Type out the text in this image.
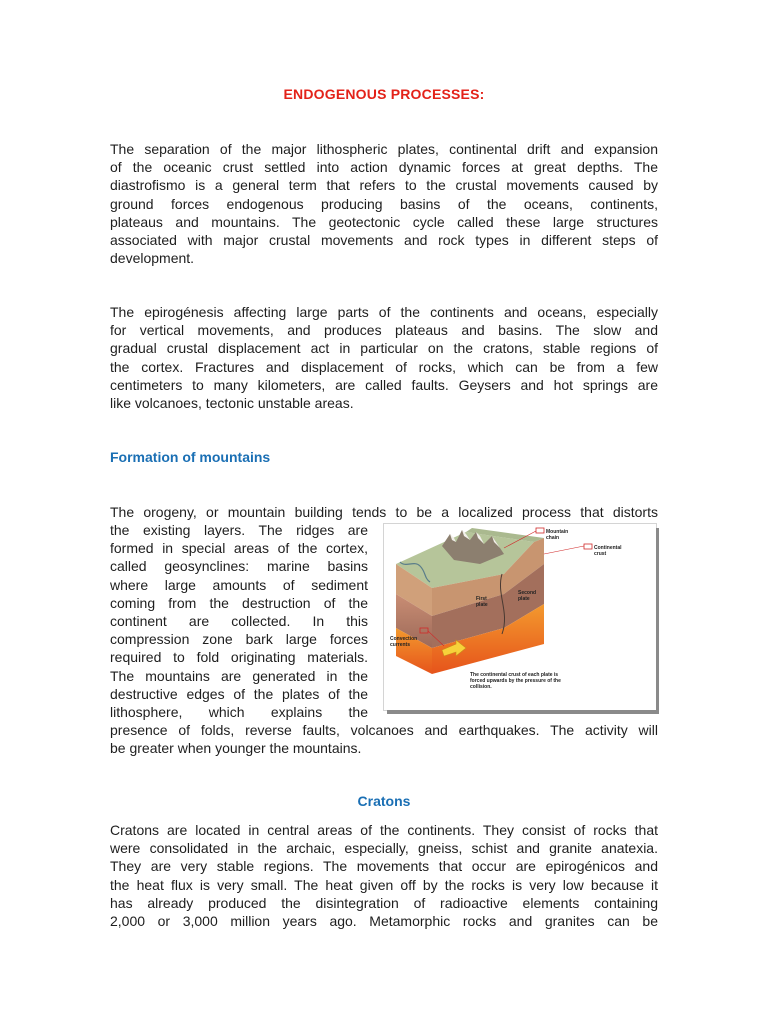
ENDOGENOUS PROCESSES:

The separation of the major lithospheric plates, continental drift and expansion
of the oceanic crust settled into action dynamic forces at great depths. The
diastrofismo is a general term that refers to the crustal movements caused by
ground forces endogenous producing basins of the oceans, continents,
plateaus and mountains. The geotectonic cycle called these large structures
associated with major crustal movements and rock types in different steps of
development.

The epirogénesis affecting large parts of the continents and oceans, especially
for vertical movements, and produces plateaus and basins. The slow and
gradual crustal displacement act in particular on the cratons, stable regions of
the cortex. Fractures and displacement of rocks, which can be from a few
centimeters to many kilometers, are called faults. Geysers and hot springs are
like volcanoes, tectonic unstable areas.

Formation of mountains

The orogeny, or mountain building tends to be a localized process that distorts

the existing layers. The ridges are
formed in special areas of the cortex,
called geosynclines: marine basins
where large amounts of sediment
coming from the destruction of the
continent are collected. In this
compression zone bark large forces
required to fold originating materials.
The mountains are generated in the
destructive edges of the plates of the
lithosphere, which explains the

presence of folds, reverse faults, volcanoes and earthquakes. The activity will
be greater when younger the mountains.

Mountain
chain
Continental
crust
First
plate
Second
plate
Convection
currents
The continental crust of each plate is
forced upwards by the pressure of the
collision.
Cratons

Cratons are located in central areas of the continents. They consist of rocks that
were consolidated in the archaic, especially, gneiss, schist and granite anatexia.
They are very stable regions. The movements that occur are epirogénicos and
the heat flux is very small. The heat given off by the rocks is very low because it
has already produced the disintegration of radioactive elements containing
2,000 or 3,000 million years ago. Metamorphic rocks and granites can be
